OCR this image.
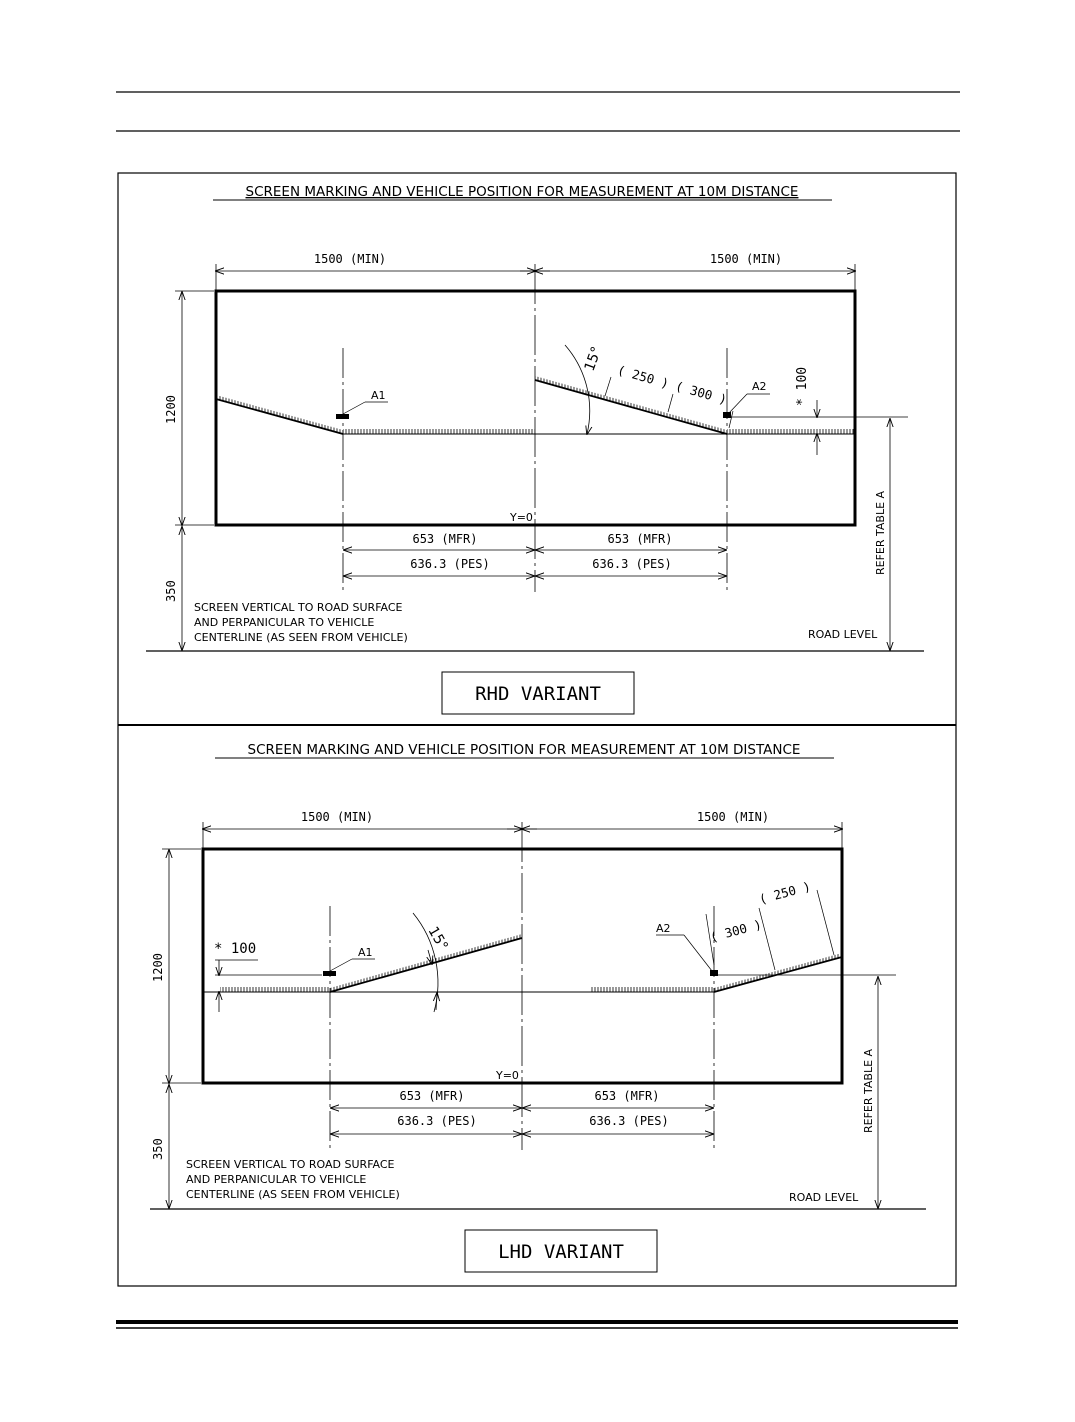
SCREEN MARKING AND VEHICLE POSITION FOR MEASUREMENT AT 10M DISTANCE
1500 (MIN)	1500 (MIN)
A1
A2
15°
( 250 )
( 300 )	* 100
1200
350
Y=0
653 (MFR)	653 (MFR)
636.3 (PES)	636.3 (PES)	REFER TABLE A
SCREEN VERTICAL TO ROAD SURFACE
AND PERPANICULAR TO VEHICLE
CENTERLINE (AS SEEN FROM VEHICLE)	ROAD LEVEL
RHD VARIANT
SCREEN MARKING AND VEHICLE POSITION FOR MEASUREMENT AT 10M DISTANCE
1500 (MIN)	1500 (MIN)
A1
A2
* 100	15°	( 300 )
( 250 )
1200
350
Y=0
653 (MFR)	653 (MFR)
636.3 (PES)	636.3 (PES)	REFER TABLE A
SCREEN VERTICAL TO ROAD SURFACE
AND PERPANICULAR TO VEHICLE
CENTERLINE (AS SEEN FROM VEHICLE)	ROAD LEVEL
LHD VARIANT
